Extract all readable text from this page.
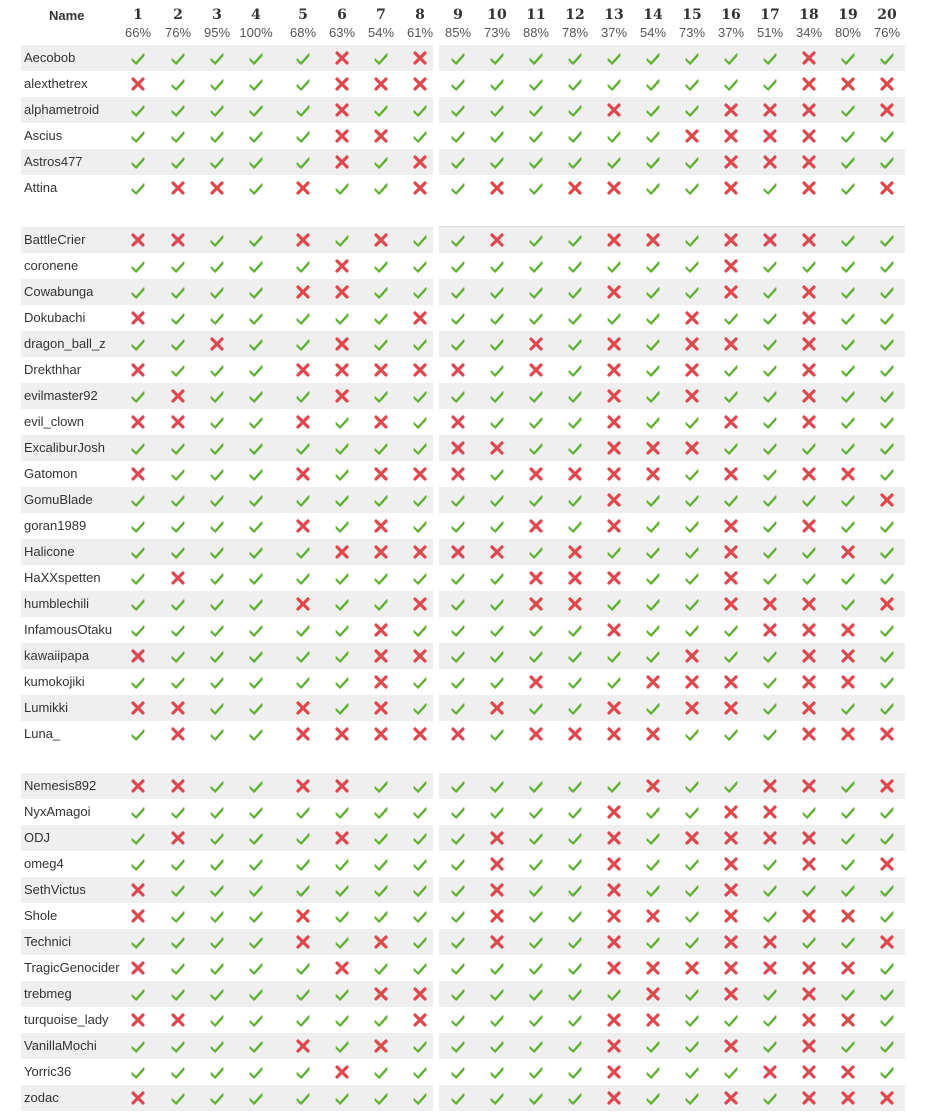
Name	1
66%
2
76%
3
95%
4
100%
5
68%
6
63%
7
54%
8
61%
9
85%
10
73%
11
88%
12
78%
13
37%
14
54%
15
73%
16
37%
17
51%
18
34%
19
80%
20
76%
Aecobob
alexthetrex
alphametroid
Ascius
Astros477
Attina
BattleCrier
coronene
Cowabunga
Dokubachi
dragon_ball_z
Drekthhar
evilmaster92
evil_clown
ExcaliburJosh
Gatomon
GomuBlade
goran1989
Halicone
HaXXspetten
humblechili
InfamousOtaku
kawaiipapa
kumokojiki
Lumikki
Luna_
Nemesis892
NyxAmagoi
ODJ
omeg4
SethVictus
Shole
Technici
TragicGenocider
trebmeg
turquoise_lady
VanillaMochi
Yorric36
zodac
